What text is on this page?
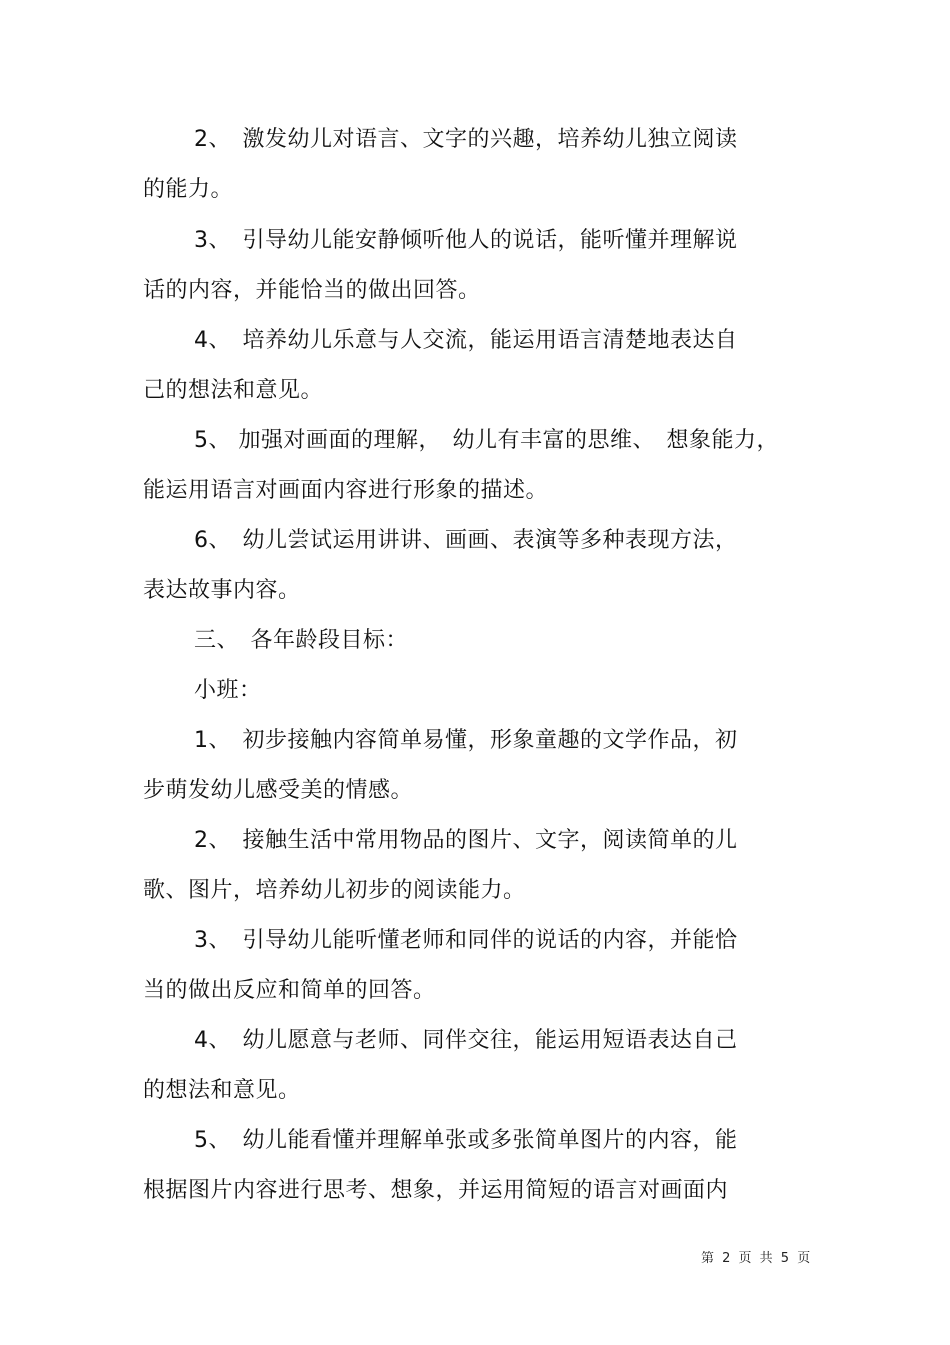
2、　激发幼儿对语言、文字的兴趣，培养幼儿独立阅读
的能力。
3、　引导幼儿能安静倾听他人的说话，能听懂并理解说
话的内容，并能恰当的做出回答。
4、　培养幼儿乐意与人交流，能运用语言清楚地表达自
己的想法和意见。
5、 加强对画面的理解，　幼儿有丰富的思维、　想象能力，
能运用语言对画面内容进行形象的描述。
6、　幼儿尝试运用讲讲、画画、表演等多种表现方法，
表达故事内容。
三、　各年龄段目标：
小班：
1、　初步接触内容简单易懂，形象童趣的文学作品，初
步萌发幼儿感受美的情感。
2、　接触生活中常用物品的图片、文字，阅读简单的儿
歌、图片，培养幼儿初步的阅读能力。
3、　引导幼儿能听懂老师和同伴的说话的内容，并能恰
当的做出反应和简单的回答。
4、　幼儿愿意与老师、同伴交往，能运用短语表达自己
的想法和意见。
5、　幼儿能看懂并理解单张或多张简单图片的内容，能
根据图片内容进行思考、想象，并运用简短的语言对画面内
第 2 页 共 5 页
